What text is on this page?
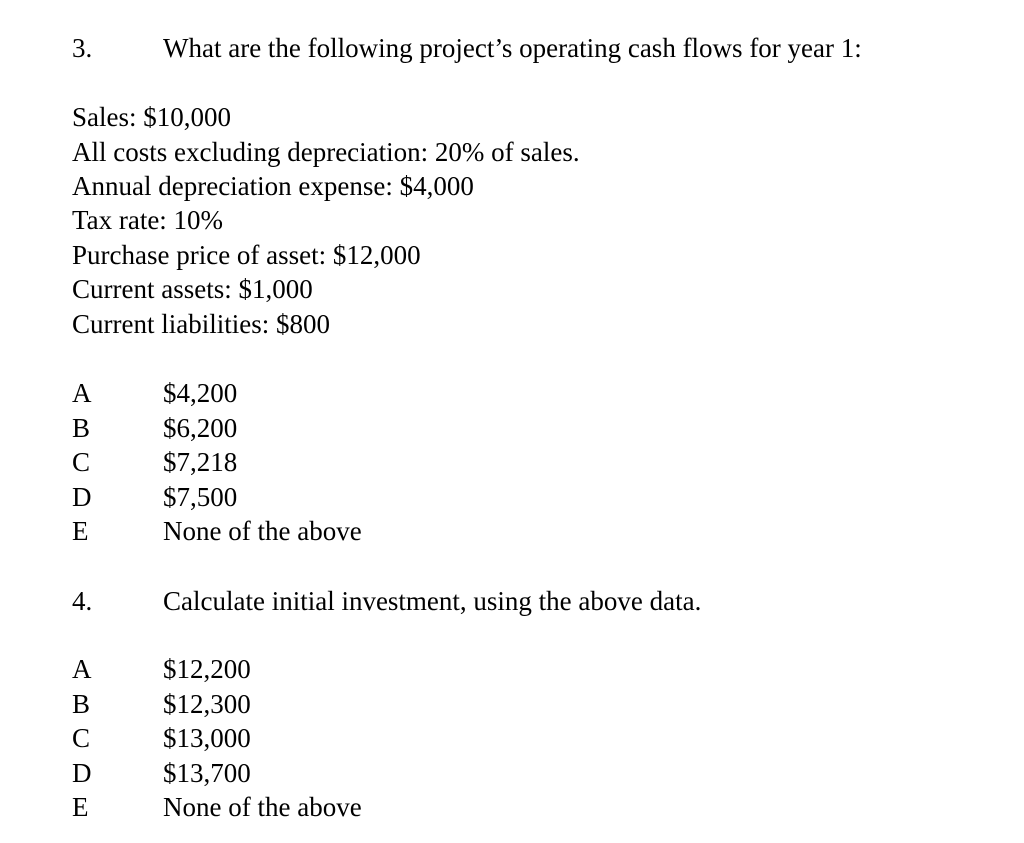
3.	What are the following project’s operating cash flows for year 1:
Sales: $10,000
All costs excluding depreciation: 20% of sales.
Annual depreciation expense: $4,000
Tax rate: 10%
Purchase price of asset: $12,000
Current assets: $1,000
Current liabilities: $800
A	$4,200
B	$6,200
C	$7,218
D	$7,500
E	None of the above
4.	Calculate initial investment, using the above data.
A	$12,200
B	$12,300
C	$13,000
D	$13,700
E	None of the above
